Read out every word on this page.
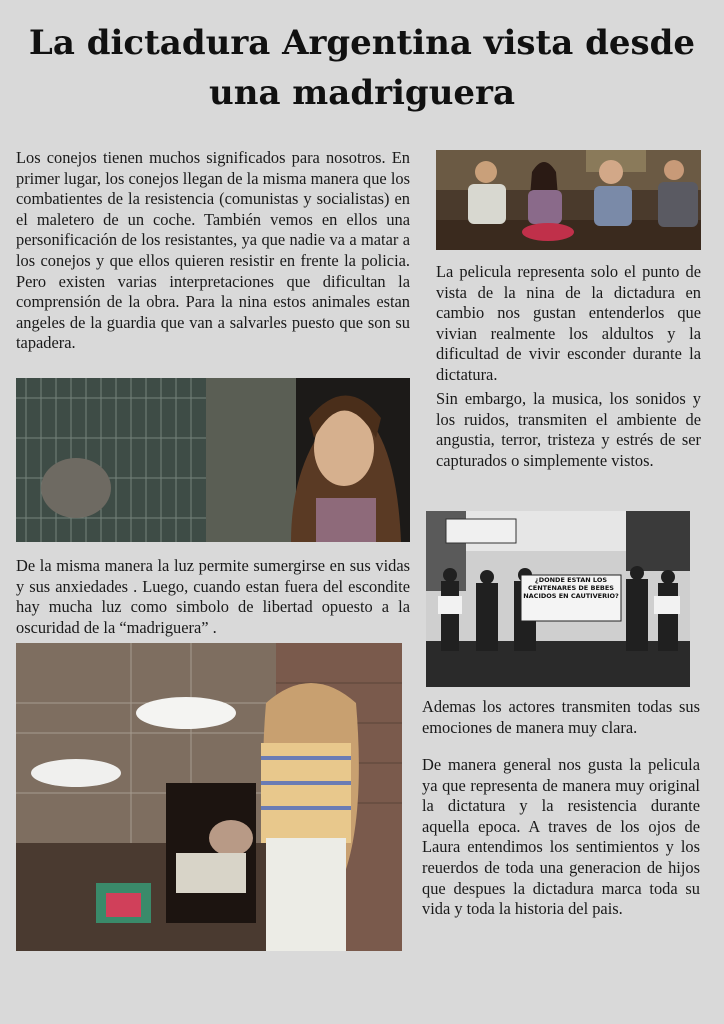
La dictadura Argentina vista desde una madriguera

Los conejos tienen muchos significados para nosotros. En primer lugar, los conejos llegan de la misma manera que los combatientes de la resistencia (comunistas y socialistas) en el maletero de un coche. También vemos en ellos una personificación de los resistantes, ya que nadie va a matar a los conejos y que ellos quieren resistir en frente la policia. Pero existen varias interpretaciones que dificultan la comprensión de la obra. Para la nina estos animales estan angeles de la guardia que van a salvarles puesto que son su tapadera.

La pelicula representa solo el punto de vista de la nina de la dictadura en cambio nos gustan entenderlos que vivian realmente los aldultos y la dificultad de vivir esconder durante la dictatura.

Sin embargo, la musica, los sonidos y los ruidos, transmiten el ambiente de angustia, terror, tristeza y estrés de ser capturados o simplemente vistos.

¿DONDE ESTAN LOS CENTENARES DE BEBES NACIDOS EN CAUTIVERIO?

De la misma manera la luz permite sumergirse en sus vidas y sus anxiedades . Luego, cuando estan fuera del escondite hay mucha luz como simbolo de libertad opuesto a la oscuridad de la “madriguera” .

Ademas los actores transmiten todas sus emociones de manera muy clara.

De manera general nos gusta la pelicula ya que representa de manera muy original la dictatura y la resistencia durante aquella epoca. A traves de los ojos de Laura entendimos los sentimientos y los reuerdos de toda una generacion de hijos que despues la dictadura marca toda su vida y toda la historia del pais.
